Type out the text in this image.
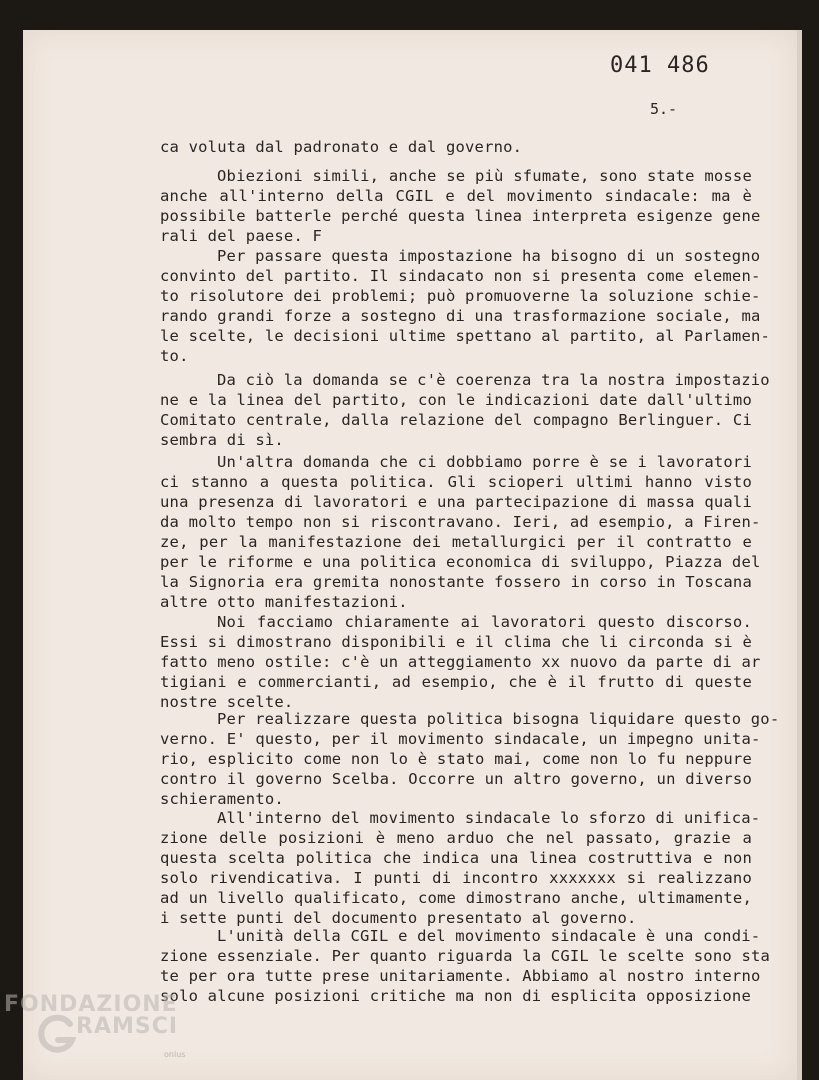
041 486
5.-
ca voluta dal padronato e dal governo.
Obiezioni simili, anche se più sfumate, sono state mosse
anche all'interno della CGIL e del movimento sindacale: ma è
possibile batterle perché questa linea interpreta esigenze gene
rali del paese. F
Per passare questa impostazione ha bisogno di un sostegno
convinto del partito. Il sindacato non si presenta come elemen-
to risolutore dei problemi; può promuoverne la soluzione schie-
rando grandi forze a sostegno di una trasformazione sociale, ma
le scelte, le decisioni ultime spettano al partito, al Parlamen-
to.
Da ciò la domanda se c'è coerenza tra la nostra impostazio
ne e la linea del partito, con le indicazioni date dall'ultimo
Comitato centrale, dalla relazione del compagno Berlinguer. Ci
sembra di sì.
Un'altra domanda che ci dobbiamo porre è se i lavoratori
ci stanno a questa politica. Gli scioperi ultimi hanno visto
una presenza di lavoratori e una partecipazione di massa quali
da molto tempo non si riscontravano. Ieri, ad esempio, a Firen-
ze, per la manifestazione dei metallurgici per il contratto e
per le riforme e una politica economica di sviluppo, Piazza del
la Signoria era gremita nonostante fossero in corso in Toscana
altre otto manifestazioni.
Noi facciamo chiaramente ai lavoratori questo discorso.
Essi si dimostrano disponibili e il clima che li circonda si è
fatto meno ostile: c'è un atteggiamento xx nuovo da parte di ar
tigiani e commercianti, ad esempio, che è il frutto di queste
nostre scelte.
Per realizzare questa politica bisogna liquidare questo go-
verno. E' questo, per il movimento sindacale, un impegno unita-
rio, esplicito come non lo è stato mai, come non lo fu neppure
contro il governo Scelba. Occorre un altro governo, un diverso
schieramento.
All'interno del movimento sindacale lo sforzo di unifica-
zione delle posizioni è meno arduo che nel passato, grazie a
questa scelta politica che indica una linea costruttiva e non
solo rivendicativa. I punti di incontro xxxxxxx si realizzano
ad un livello qualificato, come dimostrano anche, ultimamente,
i sette punti del documento presentato al governo.
L'unità della CGIL e del movimento sindacale è una condi-
zione essenziale. Per quanto riguarda la CGIL le scelte sono sta
te per ora tutte prese unitariamente. Abbiamo al nostro interno
solo alcune posizioni critiche ma non di esplicita opposizione
FONDAZIONE
RAMSCI
onlus
